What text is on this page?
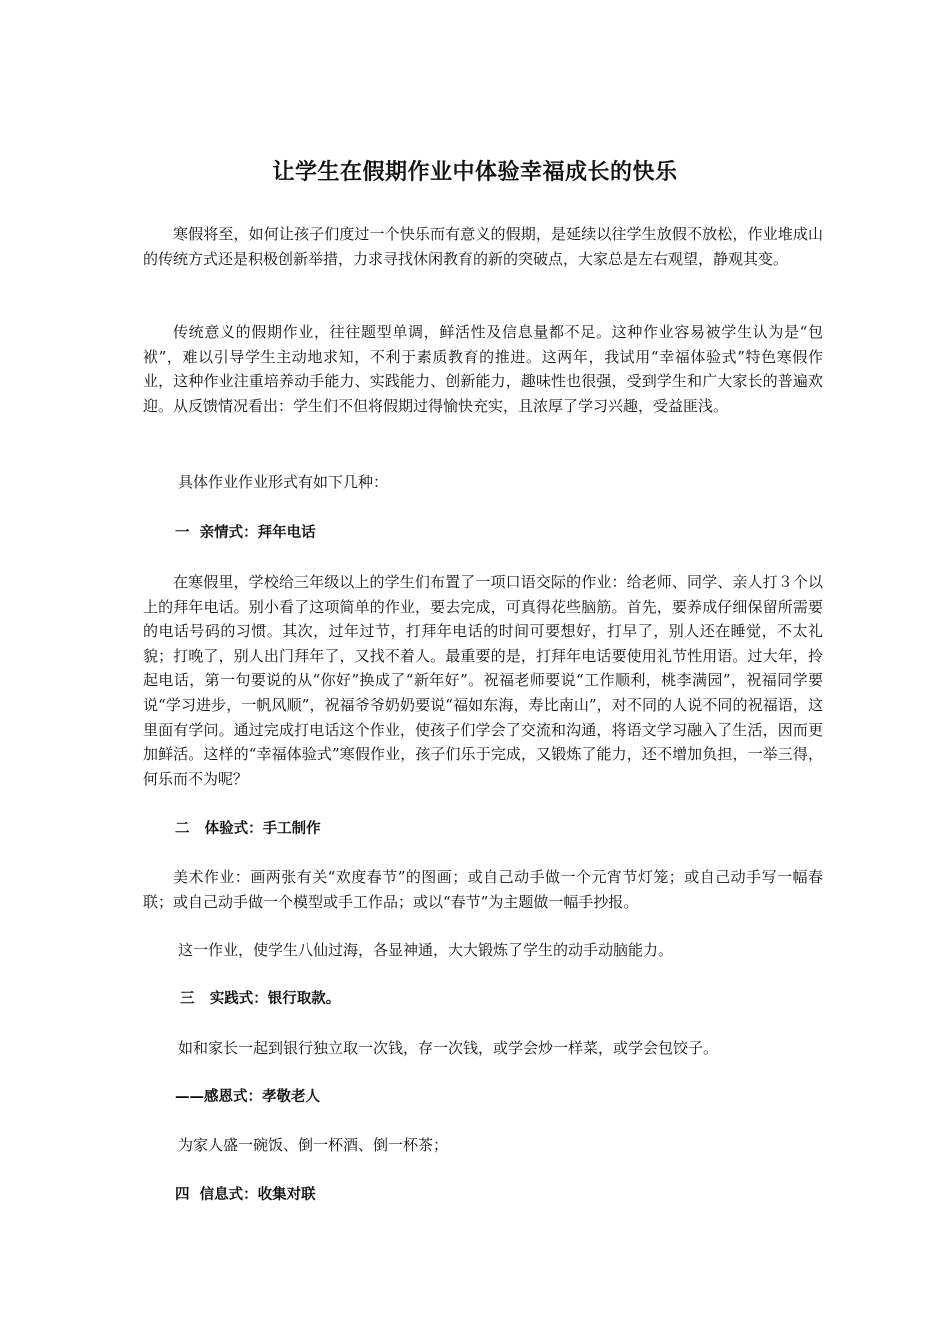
让学生在假期作业中体验幸福成长的快乐
寒假将至，如何让孩子们度过一个快乐而有意义的假期，是延续以往学生放假不放松，作业堆成山的传统方式还是积极创新举措，力求寻找休闲教育的新的突破点，大家总是左右观望，静观其变。
传统意义的假期作业，往往题型单调，鲜活性及信息量都不足。这种作业容易被学生认为是“包袱”，难以引导学生主动地求知，不利于素质教育的推进。这两年，我试用“幸福体验式”特色寒假作业，这种作业注重培养动手能力、实践能力、创新能力，趣味性也很强，受到学生和广大家长的普遍欢迎。从反馈情况看出：学生们不但将假期过得愉快充实，且浓厚了学习兴趣，受益匪浅。
具体作业作业形式有如下几种：
一  亲情式：拜年电话
在寒假里，学校给三年级以上的学生们布置了一项口语交际的作业：给老师、同学、亲人打３个以上的拜年电话。别小看了这项简单的作业，要去完成，可真得花些脑筋。首先，要养成仔细保留所需要的电话号码的习惯。其次，过年过节，打拜年电话的时间可要想好，打早了，别人还在睡觉，不太礼貌；打晚了，别人出门拜年了，又找不着人。最重要的是，打拜年电话要使用礼节性用语。过大年，拎起电话，第一句要说的从“你好”换成了“新年好”。祝福老师要说“工作顺利，桃李满园”，祝福同学要说“学习进步，一帆风顺”，祝福爷爷奶奶要说“福如东海，寿比南山”，对不同的人说不同的祝福语，这里面有学问。通过完成打电话这个作业，使孩子们学会了交流和沟通，将语文学习融入了生活，因而更加鲜活。这样的“幸福体验式”寒假作业，孩子们乐于完成，又锻炼了能力，还不增加负担，一举三得，何乐而不为呢？
二   体验式：手工制作
美术作业：画两张有关“欢度春节”的图画；或自己动手做一个元宵节灯笼；或自己动手写一幅春联；或自己动手做一个模型或手工作品；或以“春节”为主题做一幅手抄报。
这一作业，使学生八仙过海，各显神通，大大锻炼了学生的动手动脑能力。
三   实践式：银行取款。
如和家长一起到银行独立取一次钱，存一次钱，或学会炒一样菜，或学会包饺子。
——感恩式：孝敬老人
为家人盛一碗饭、倒一杯酒、倒一杯茶；
四  信息式：收集对联
